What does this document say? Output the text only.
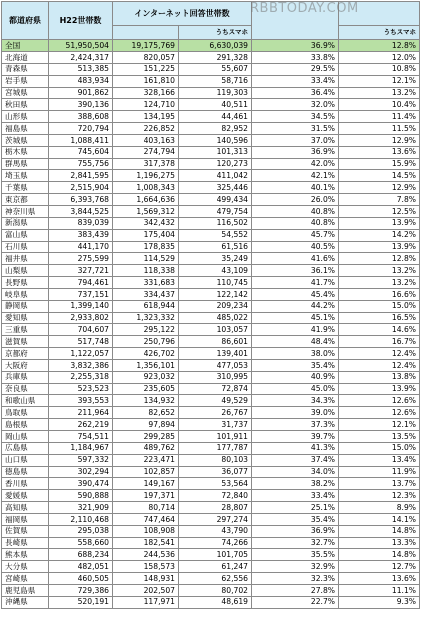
都道府県	H22世帯数	インターネット回答世帯数			
			うちスマホ		うちスマホ
全国	51,950,504	19,175,769	6,630,039	36.9%	12.8%
北海道	2,424,317	820,057	291,328	33.8%	12.0%
青森県	513,385	151,225	55,607	29.5%	10.8%
岩手県	483,934	161,810	58,716	33.4%	12.1%
宮城県	901,862	328,166	119,303	36.4%	13.2%
秋田県	390,136	124,710	40,511	32.0%	10.4%
山形県	388,608	134,195	44,461	34.5%	11.4%
福島県	720,794	226,852	82,952	31.5%	11.5%
茨城県	1,088,411	403,163	140,596	37.0%	12.9%
栃木県	745,604	274,794	101,313	36.9%	13.6%
群馬県	755,756	317,378	120,273	42.0%	15.9%
埼玉県	2,841,595	1,196,275	411,042	42.1%	14.5%
千葉県	2,515,904	1,008,343	325,446	40.1%	12.9%
東京都	6,393,768	1,664,636	499,434	26.0%	7.8%
神奈川県	3,844,525	1,569,312	479,754	40.8%	12.5%
新潟県	839,039	342,432	116,502	40.8%	13.9%
富山県	383,439	175,404	54,552	45.7%	14.2%
石川県	441,170	178,835	61,516	40.5%	13.9%
福井県	275,599	114,529	35,249	41.6%	12.8%
山梨県	327,721	118,338	43,109	36.1%	13.2%
長野県	794,461	331,683	110,745	41.7%	13.2%
岐阜県	737,151	334,437	122,142	45.4%	16.6%
静岡県	1,399,140	618,944	209,234	44.2%	15.0%
愛知県	2,933,802	1,323,332	485,022	45.1%	16.5%
三重県	704,607	295,122	103,057	41.9%	14.6%
滋賀県	517,748	250,796	86,601	48.4%	16.7%
京都府	1,122,057	426,702	139,401	38.0%	12.4%
大阪府	3,832,386	1,356,101	477,053	35.4%	12.4%
兵庫県	2,255,318	923,032	310,995	40.9%	13.8%
奈良県	523,523	235,605	72,874	45.0%	13.9%
和歌山県	393,553	134,932	49,529	34.3%	12.6%
鳥取県	211,964	82,652	26,767	39.0%	12.6%
島根県	262,219	97,894	31,737	37.3%	12.1%
岡山県	754,511	299,285	101,911	39.7%	13.5%
広島県	1,184,967	489,762	177,787	41.3%	15.0%
山口県	597,332	223,471	80,103	37.4%	13.4%
徳島県	302,294	102,857	36,077	34.0%	11.9%
香川県	390,474	149,167	53,564	38.2%	13.7%
愛媛県	590,888	197,371	72,840	33.4%	12.3%
高知県	321,909	80,714	28,807	25.1%	8.9%
福岡県	2,110,468	747,464	297,274	35.4%	14.1%
佐賀県	295,038	108,908	43,790	36.9%	14.8%
長崎県	558,660	182,541	74,266	32.7%	13.3%
熊本県	688,234	244,536	101,705	35.5%	14.8%
大分県	482,051	158,573	61,247	32.9%	12.7%
宮崎県	460,505	148,931	62,556	32.3%	13.6%
鹿児島県	729,386	202,507	80,702	27.8%	11.1%
沖縄県	520,191	117,971	48,619	22.7%	9.3%
RBBTODAY.COM
